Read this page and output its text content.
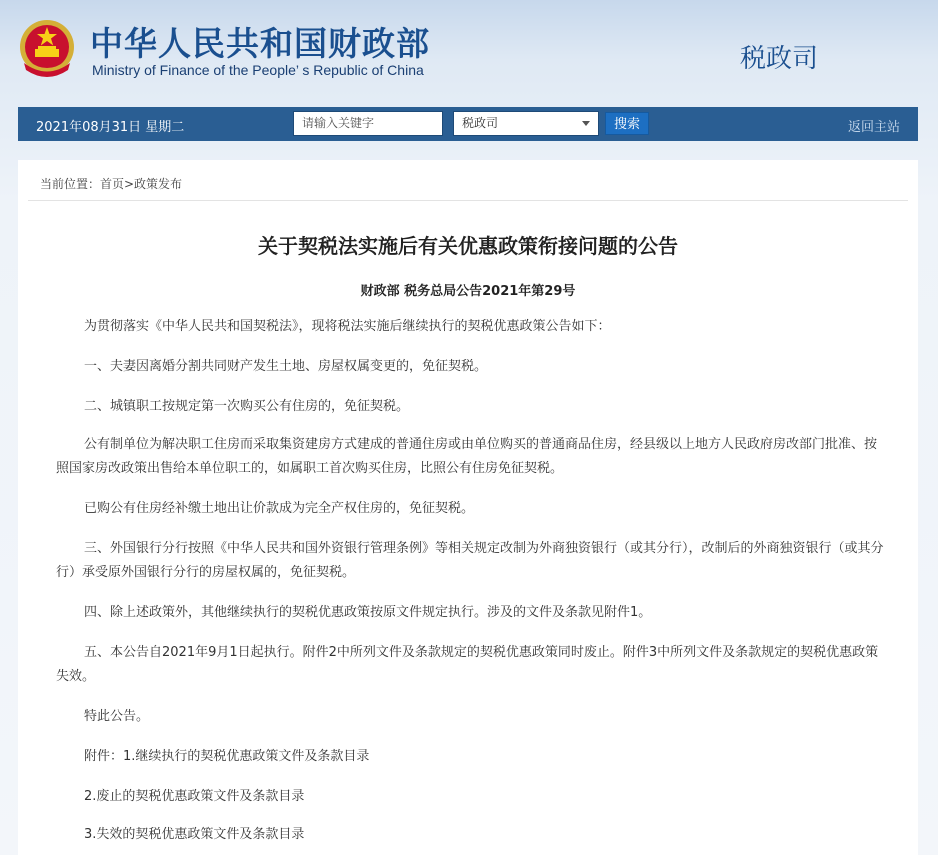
中华人民共和国财政部
Ministry of Finance of the People’ s Republic of China	税政司
2021年08月31日 星期二	请输入关键字	税政司	搜索	返回主站
当前位置：首页>政策发布
关于契税法实施后有关优惠政策衔接问题的公告
财政部 税务总局公告2021年第29号
为贯彻落实《中华人民共和国契税法》，现将税法实施后继续执行的契税优惠政策公告如下：
一、夫妻因离婚分割共同财产发生土地、房屋权属变更的，免征契税。
二、城镇职工按规定第一次购买公有住房的，免征契税。
公有制单位为解决职工住房而采取集资建房方式建成的普通住房或由单位购买的普通商品住房，经县级以上地方人民政府房改部门批准、按照国家房改政策出售给本单位职工的，如属职工首次购买住房，比照公有住房免征契税。
已购公有住房经补缴土地出让价款成为完全产权住房的，免征契税。
三、外国银行分行按照《中华人民共和国外资银行管理条例》等相关规定改制为外商独资银行（或其分行），改制后的外商独资银行（或其分行）承受原外国银行分行的房屋权属的，免征契税。
四、除上述政策外，其他继续执行的契税优惠政策按原文件规定执行。涉及的文件及条款见附件1。
五、本公告自2021年9月1日起执行。附件2中所列文件及条款规定的契税优惠政策同时废止。附件3中所列文件及条款规定的契税优惠政策失效。
特此公告。
附件：1.继续执行的契税优惠政策文件及条款目录
2.废止的契税优惠政策文件及条款目录
3.失效的契税优惠政策文件及条款目录
